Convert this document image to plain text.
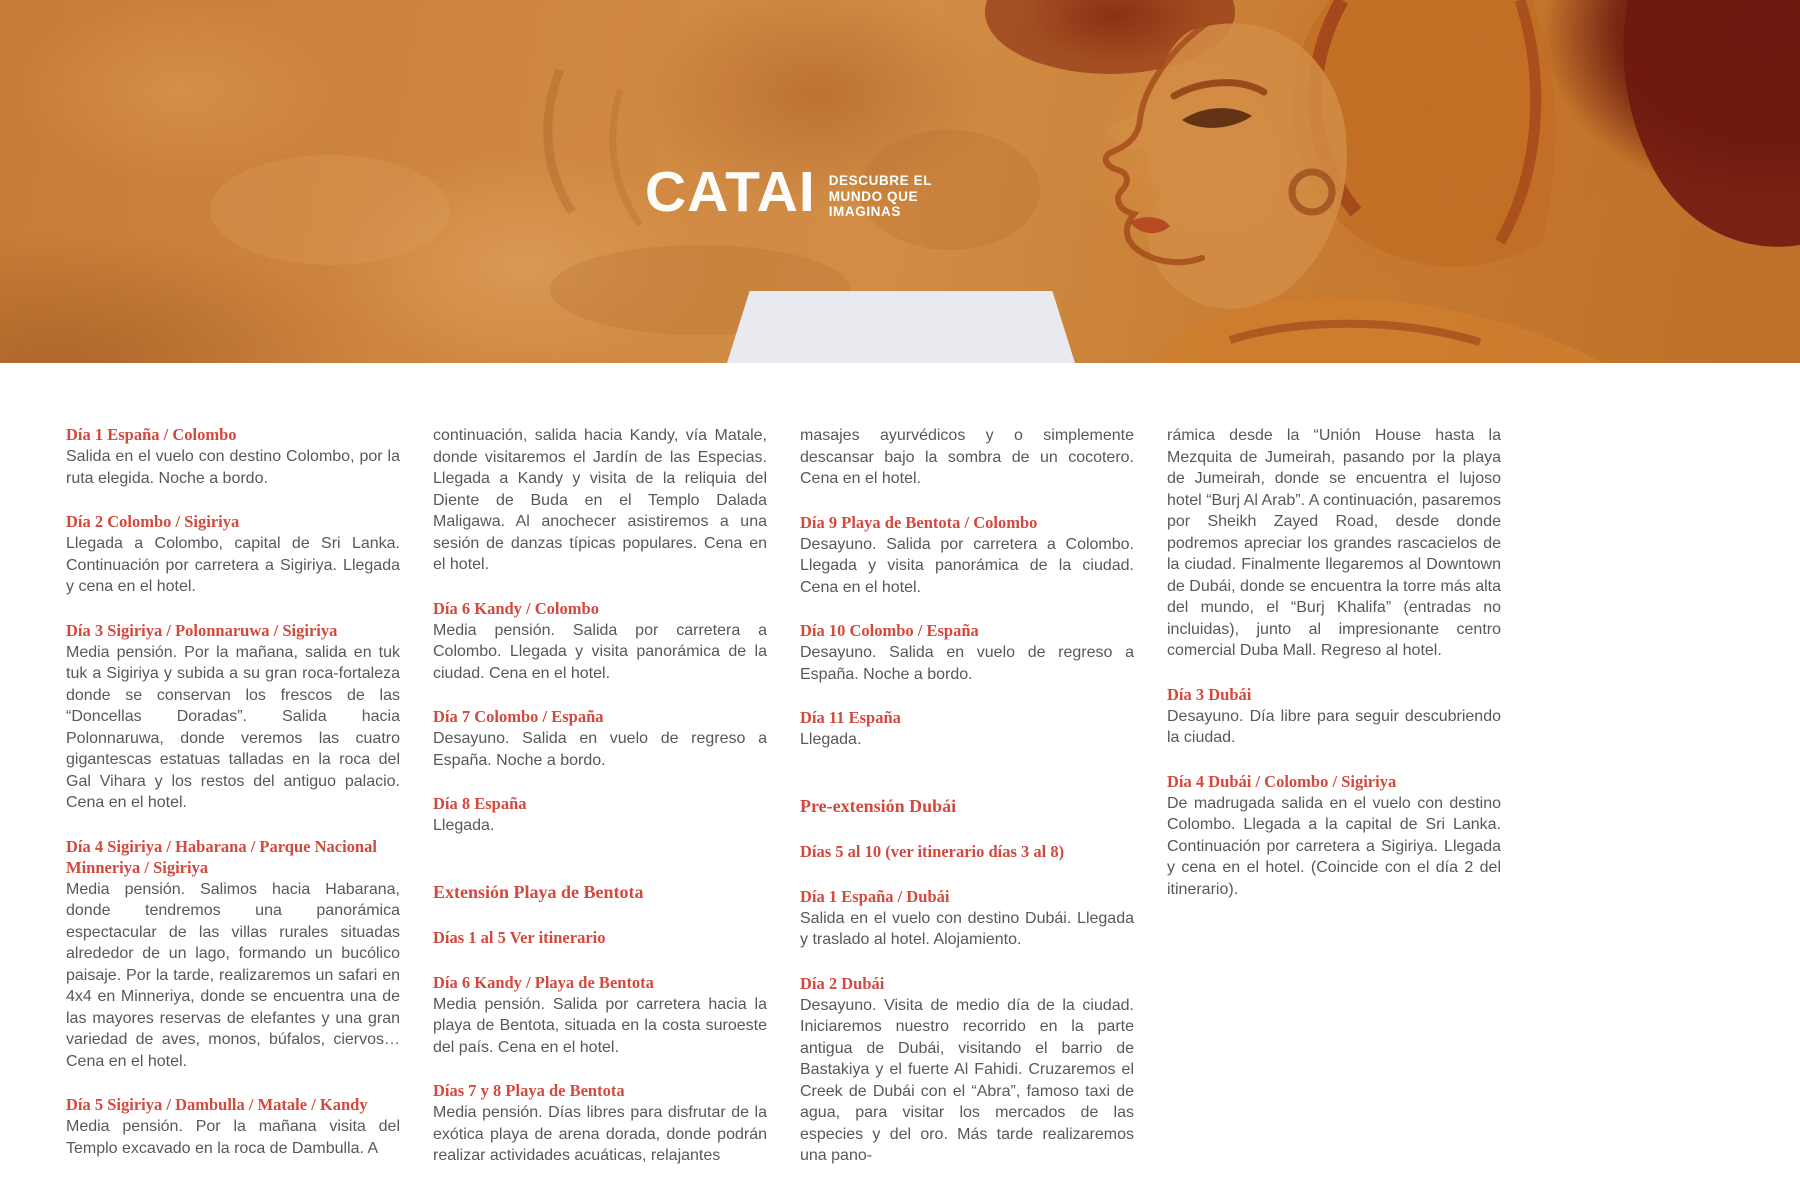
CATAI DESCUBRE EL
MUNDO QUE
IMAGINAS
Día 1 España / Colombo
Salida en el vuelo con destino Colombo, por la ruta elegida. Noche a bordo.
Día 2 Colombo / Sigiriya
Llegada a Colombo, capital de Sri Lanka. Continuación por carretera a Sigiriya. Llegada y cena en el hotel.
Día 3 Sigiriya / Polonnaruwa / Sigiriya
Media pensión. Por la mañana, salida en tuk tuk a Sigiriya y subida a su gran roca-fortaleza donde se conservan los frescos de las “Doncellas Doradas”. Salida hacia Polonnaruwa, donde veremos las cuatro gigantescas estatuas talladas en la roca del Gal Vihara y los restos del antiguo palacio. Cena en el hotel.
Día 4 Sigiriya / Habarana / Parque Nacional Minneriya / Sigiriya
Media pensión. Salimos hacia Habarana, donde tendremos una panorámica espectacular de las villas rurales situadas alrededor de un lago, formando un bucólico paisaje. Por la tarde, realizaremos un safari en 4x4 en Minneriya, donde se encuentra una de las mayores reservas de elefantes y una gran variedad de aves, monos, búfalos, ciervos… Cena en el hotel.
Día 5 Sigiriya / Dambulla / Matale / Kandy
Media pensión. Por la mañana visita del Templo excavado en la roca de Dambulla. A
continuación, salida hacia Kandy, vía Matale, donde visitaremos el Jardín de las Especias. Llegada a Kandy y visita de la reliquia del Diente de Buda en el Templo Dalada Maligawa. Al anochecer asistiremos a una sesión de danzas típicas populares. Cena en el hotel.
Día 6 Kandy / Colombo
Media pensión. Salida por carretera a Colombo. Llegada y visita panorámica de la ciudad. Cena en el hotel.
Día 7 Colombo / España
Desayuno. Salida en vuelo de regreso a España. Noche a bordo.
Día 8 España
Llegada.
Extensión Playa de Bentota
Días 1 al 5 Ver itinerario
Día 6 Kandy / Playa de Bentota
Media pensión. Salida por carretera hacia la playa de Bentota, situada en la costa suroeste del país. Cena en el hotel.
Días 7 y 8 Playa de Bentota
Media pensión. Días libres para disfrutar de la exótica playa de arena dorada, donde podrán realizar actividades acuáticas, relajantes
masajes ayurvédicos y o simplemente descansar bajo la sombra de un cocotero. Cena en el hotel.
Día 9 Playa de Bentota / Colombo
Desayuno. Salida por carretera a Colombo. Llegada y visita panorámica de la ciudad. Cena en el hotel.
Día 10 Colombo / España
Desayuno. Salida en vuelo de regreso a España. Noche a bordo.
Día 11 España
Llegada.
Pre-extensión Dubái
Días 5 al 10 (ver itinerario días 3 al 8)
Día 1 España / Dubái
Salida en el vuelo con destino Dubái. Llegada y traslado al hotel. Alojamiento.
Día 2 Dubái
Desayuno. Visita de medio día de la ciudad. Iniciaremos nuestro recorrido en la parte antigua de Dubái, visitando el barrio de Bastakiya y el fuerte Al Fahidi. Cruzaremos el Creek de Dubái con el “Abra”, famoso taxi de agua, para visitar los mercados de las especies y del oro. Más tarde realizaremos una pano-
rámica desde la “Unión House hasta la Mezquita de Jumeirah, pasando por la playa de Jumeirah, donde se encuentra el lujoso hotel “Burj Al Arab”. A continuación, pasaremos por Sheikh Zayed Road, desde donde podremos apreciar los grandes rascacielos de la ciudad. Finalmente llegaremos al Downtown de Dubái, donde se encuentra la torre más alta del mundo, el “Burj Khalifa” (entradas no incluidas), junto al impresionante centro comercial Duba Mall. Regreso al hotel.
Día 3 Dubái
Desayuno. Día libre para seguir descubriendo la ciudad.
Día 4 Dubái / Colombo / Sigiriya
De madrugada salida en el vuelo con destino Colombo. Llegada a la capital de Sri Lanka. Continuación por carretera a Sigiriya. Llegada y cena en el hotel. (Coincide con el día 2 del itinerario).
